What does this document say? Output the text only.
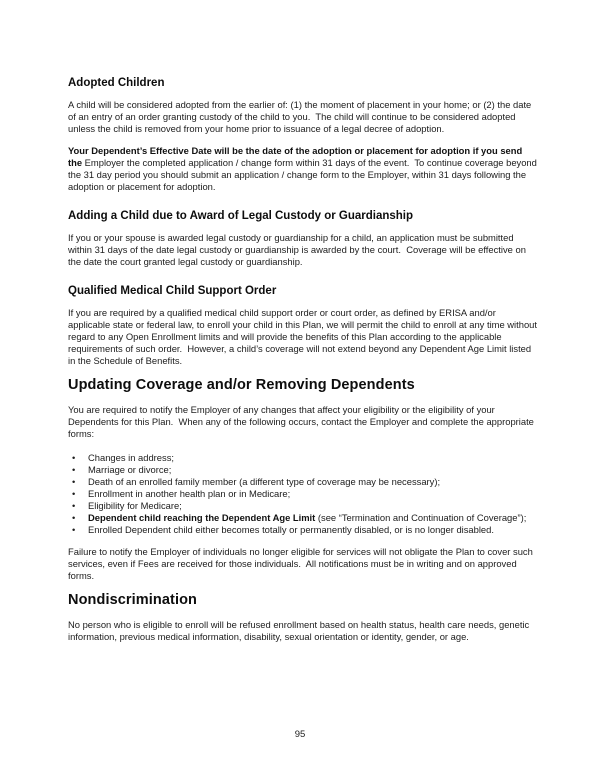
Adopted Children

A child will be considered adopted from the earlier of: (1) the moment of placement in your home; or (2) the date of an entry of an order granting custody of the child to you.  The child will continue to be considered adopted unless the child is removed from your home prior to issuance of a legal decree of adoption.

Your Dependent’s Effective Date will be the date of the adoption or placement for adoption if you send the Employer the completed application / change form within 31 days of the event.  To continue coverage beyond the 31 day period you should submit an application / change form to the Employer, within 31 days following the adoption or placement for adoption.

Adding a Child due to Award of Legal Custody or Guardianship

If you or your spouse is awarded legal custody or guardianship for a child, an application must be submitted within 31 days of the date legal custody or guardianship is awarded by the court.  Coverage will be effective on the date the court granted legal custody or guardianship.

Qualified Medical Child Support Order

If you are required by a qualified medical child support order or court order, as defined by ERISA and/or applicable state or federal law, to enroll your child in this Plan, we will permit the child to enroll at any time without regard to any Open Enrollment limits and will provide the benefits of this Plan according to the applicable requirements of such order.  However, a child’s coverage will not extend beyond any Dependent Age Limit listed in the Schedule of Benefits.

Updating Coverage and/or Removing Dependents

You are required to notify the Employer of any changes that affect your eligibility or the eligibility of your Dependents for this Plan.  When any of the following occurs, contact the Employer and complete the appropriate forms:

• Changes in address;
• Marriage or divorce;
• Death of an enrolled family member (a different type of coverage may be necessary);
• Enrollment in another health plan or in Medicare;
• Eligibility for Medicare;
• Dependent child reaching the Dependent Age Limit (see “Termination and Continuation of Coverage”);
• Enrolled Dependent child either becomes totally or permanently disabled, or is no longer disabled.

Failure to notify the Employer of individuals no longer eligible for services will not obligate the Plan to cover such services, even if Fees are received for those individuals.  All notifications must be in writing and on approved forms.

Nondiscrimination

No person who is eligible to enroll will be refused enrollment based on health status, health care needs, genetic information, previous medical information, disability, sexual orientation or identity, gender, or age.

95
